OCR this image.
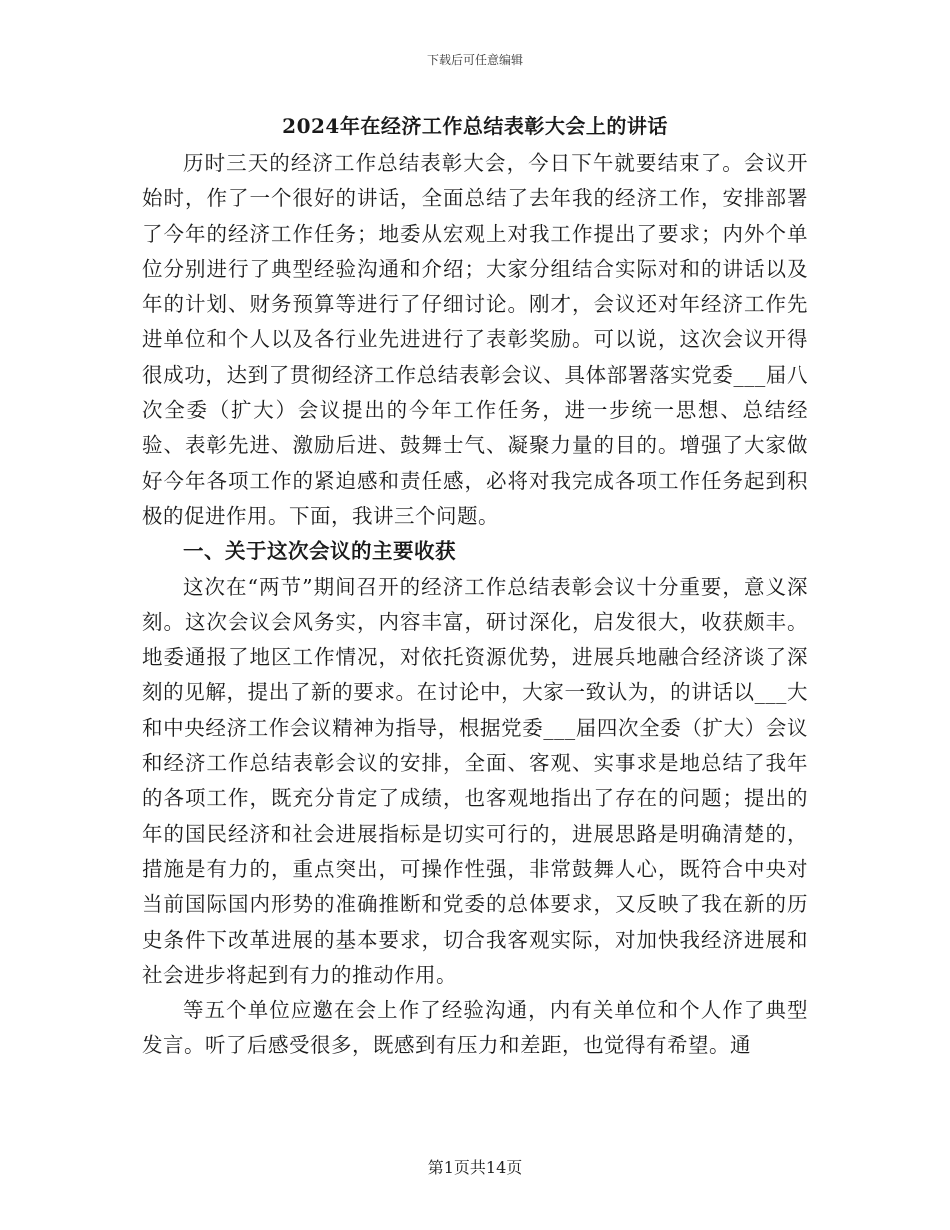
下载后可任意编辑
2024年在经济工作总结表彰大会上的讲话

历时三天的经济工作总结表彰大会，今日下午就要结束了。会议开始时，作了一个很好的讲话，全面总结了去年我的经济工作，安排部署了今年的经济工作任务；地委从宏观上对我工作提出了要求；内外个单位分别进行了典型经验沟通和介绍；大家分组结合实际对和的讲话以及年的计划、财务预算等进行了仔细讨论。刚才，会议还对年经济工作先进单位和个人以及各行业先进进行了表彰奖励。可以说，这次会议开得很成功，达到了贯彻经济工作总结表彰会议、具体部署落实党委___届八次全委（扩大）会议提出的今年工作任务，进一步统一思想、总结经验、表彰先进、激励后进、鼓舞士气、凝聚力量的目的。增强了大家做好今年各项工作的紧迫感和责任感，必将对我完成各项工作任务起到积极的促进作用。下面，我讲三个问题。

一、关于这次会议的主要收获

这次在“两节”期间召开的经济工作总结表彰会议十分重要，意义深刻。这次会议会风务实，内容丰富，研讨深化，启发很大，收获颇丰。地委通报了地区工作情况，对依托资源优势，进展兵地融合经济谈了深刻的见解，提出了新的要求。在讨论中，大家一致认为，的讲话以___大和中央经济工作会议精神为指导，根据党委___届四次全委（扩大）会议和经济工作总结表彰会议的安排，全面、客观、实事求是地总结了我年的各项工作，既充分肯定了成绩，也客观地指出了存在的问题；提出的年的国民经济和社会进展指标是切实可行的，进展思路是明确清楚的，措施是有力的，重点突出，可操作性强，非常鼓舞人心，既符合中央对当前国际国内形势的准确推断和党委的总体要求，又反映了我在新的历史条件下改革进展的基本要求，切合我客观实际，对加快我经济进展和社会进步将起到有力的推动作用。

等五个单位应邀在会上作了经验沟通，内有关单位和个人作了典型发言。听了后感受很多，既感到有压力和差距，也觉得有希望。通

第1页共14页
